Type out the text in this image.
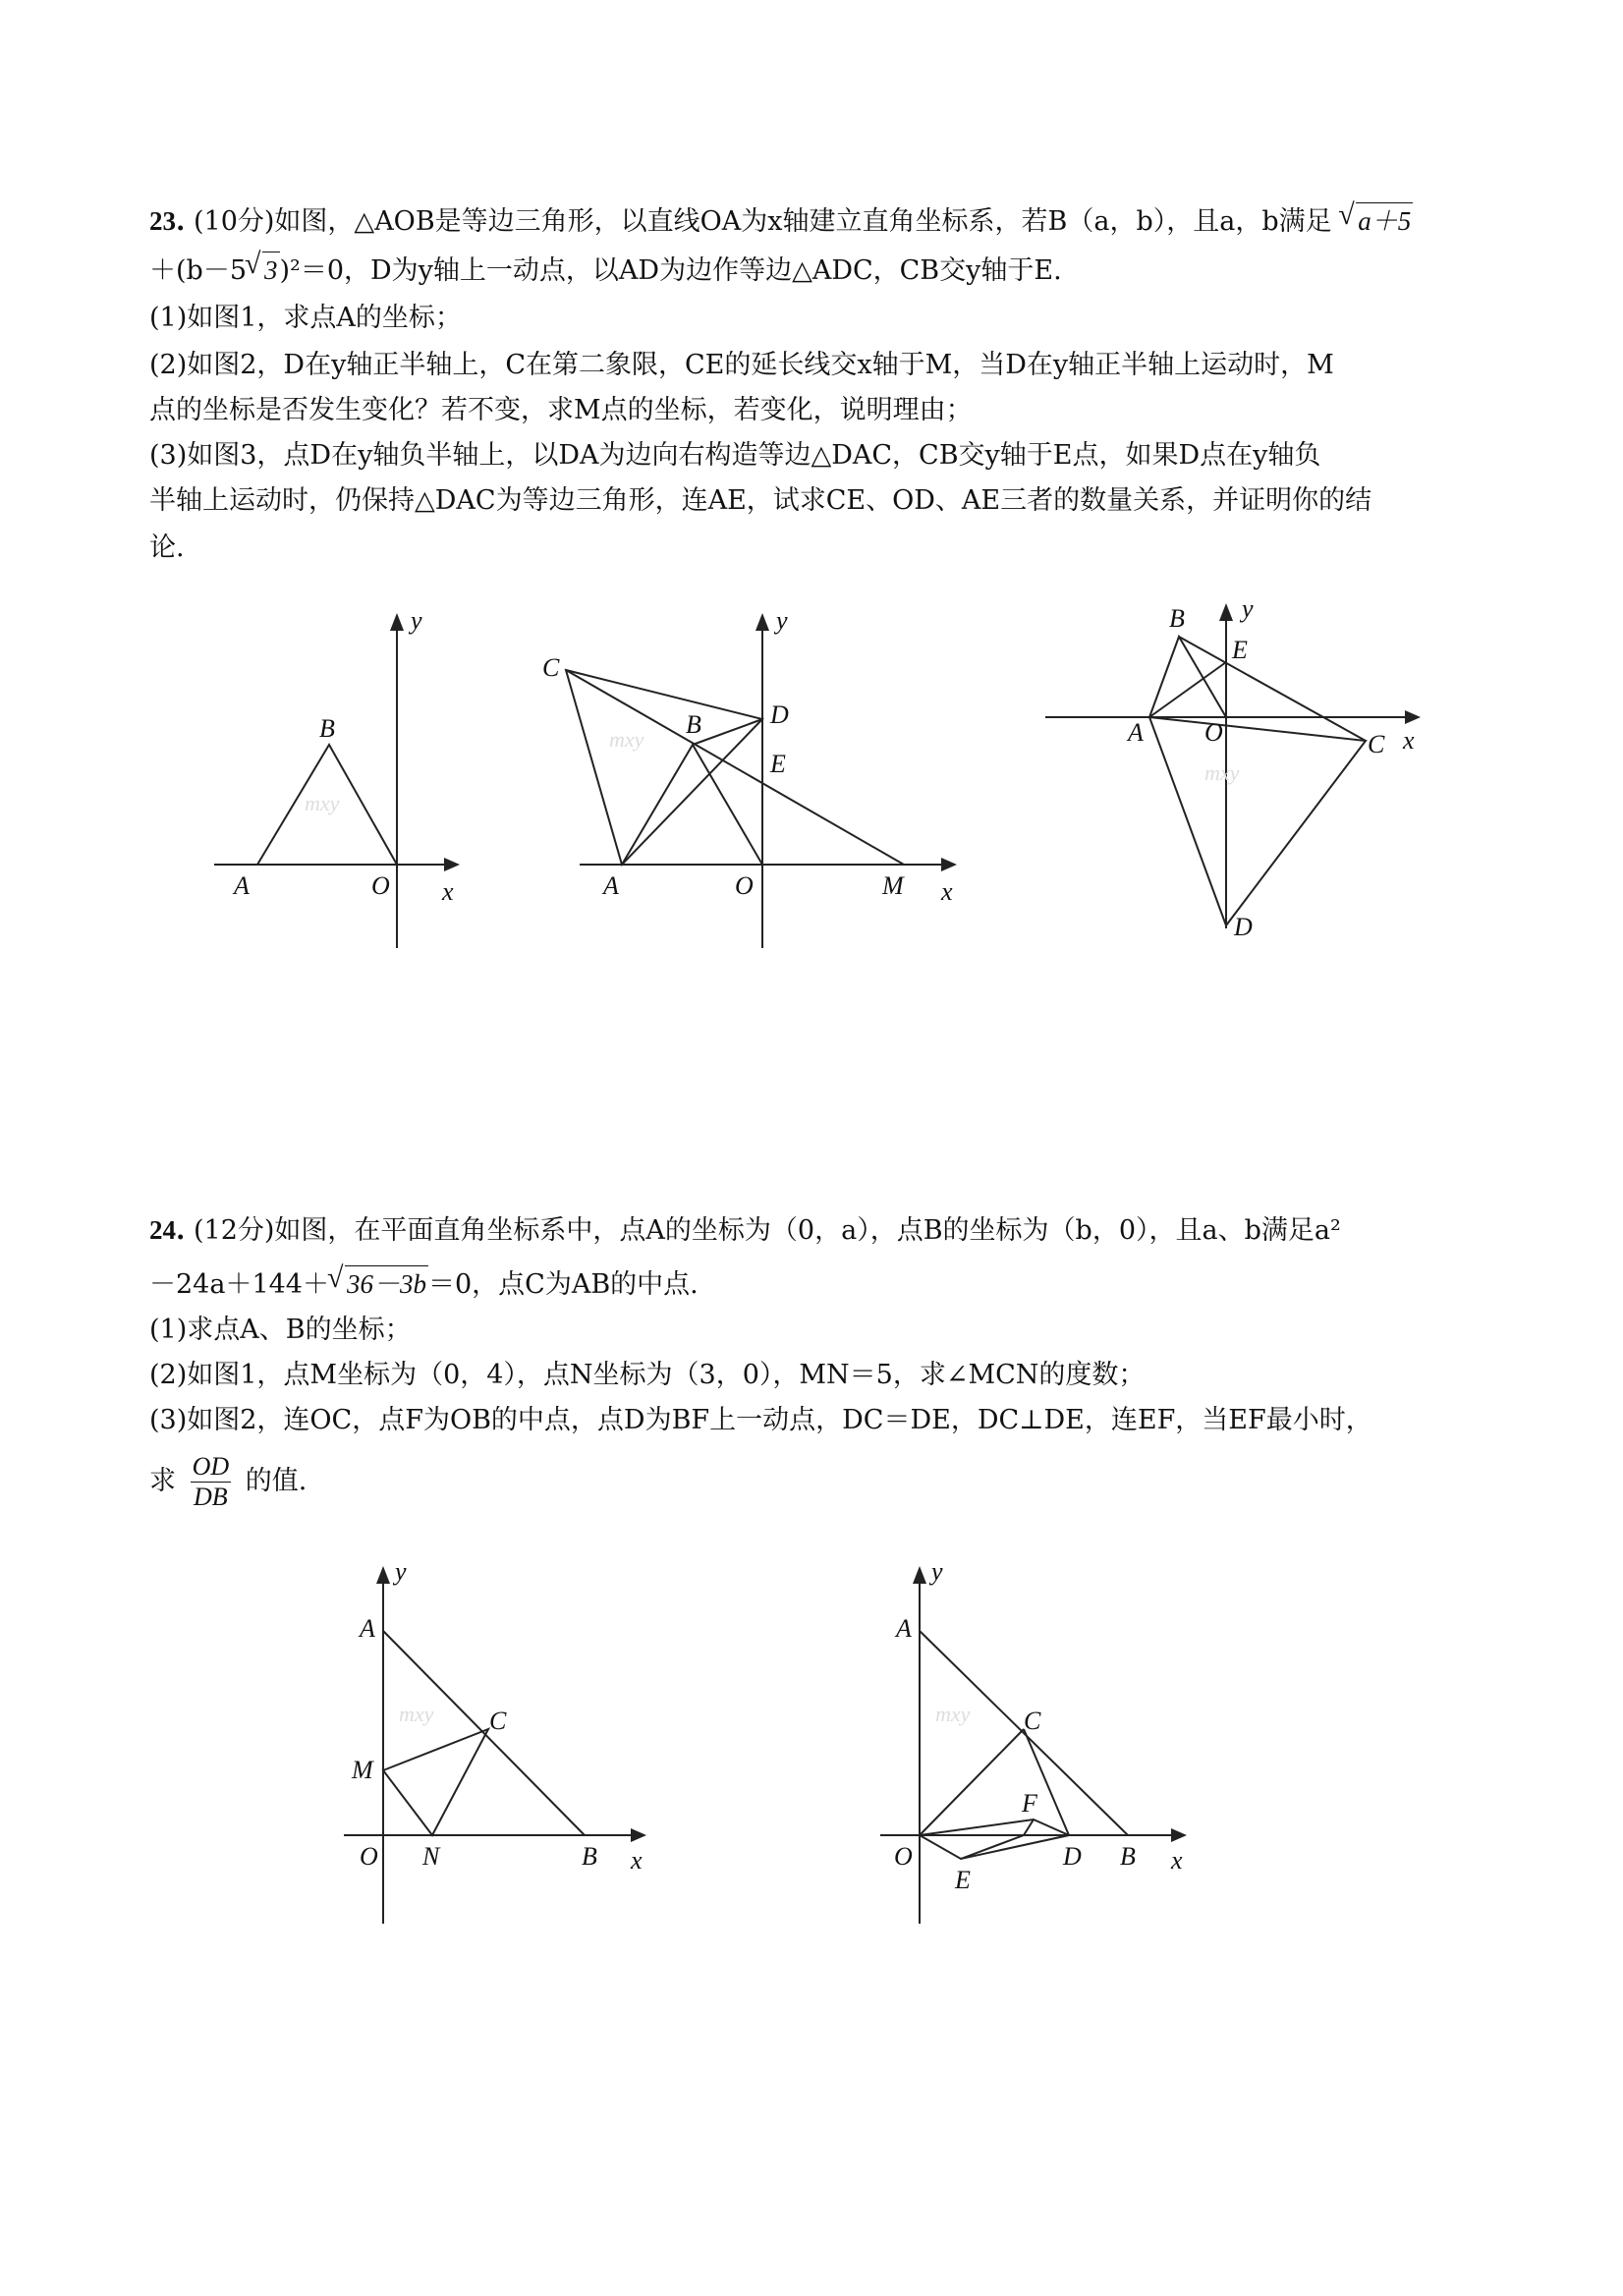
23. (10分)如图，△AOB是等边三角形，以直线OA为x轴建立直角坐标系，若B（a，b），且a，b满足 √ a＋5
＋(b－5 √ 3)²＝0，D为y轴上一动点，以AD为边作等边△ADC，CB交y轴于E.
(1)如图1，求点A的坐标；
(2)如图2，D在y轴正半轴上，C在第二象限，CE的延长线交x轴于M，当D在y轴正半轴上运动时，M
点的坐标是否发生变化？若不变，求M点的坐标，若变化，说明理由；
(3)如图3，点D在y轴负半轴上，以DA为边向右构造等边△DAC，CB交y轴于E点，如果D点在y轴负
半轴上运动时，仍保持△DAC为等边三角形，连AE，试求CE、OD、AE三者的数量关系，并证明你的结
论.
A
B
O x
y
mxy
C
B	D
E
A	O	M x
y
mxy
B
E
A O	C x
y
D
mxy
24. (12分)如图，在平面直角坐标系中，点A的坐标为（0，a），点B的坐标为（b，0），且a、b满足a²
－24a＋144＋ √ 36－3b＝0，点C为AB的中点.
(1)求点A、B的坐标；
(2)如图1，点M坐标为（0，4），点N坐标为（3，0），MN＝5，求∠MCN的度数；
(3)如图2，连OC，点F为OB的中点，点D为BF上一动点，DC＝DE，DC⊥DE，连EF，当EF最小时，
求 $\frac{OD}{DB}$ 的值.
y
A
C
M
O N	B x
mxy
y
A
C
F
O	D B x
E
mxy
